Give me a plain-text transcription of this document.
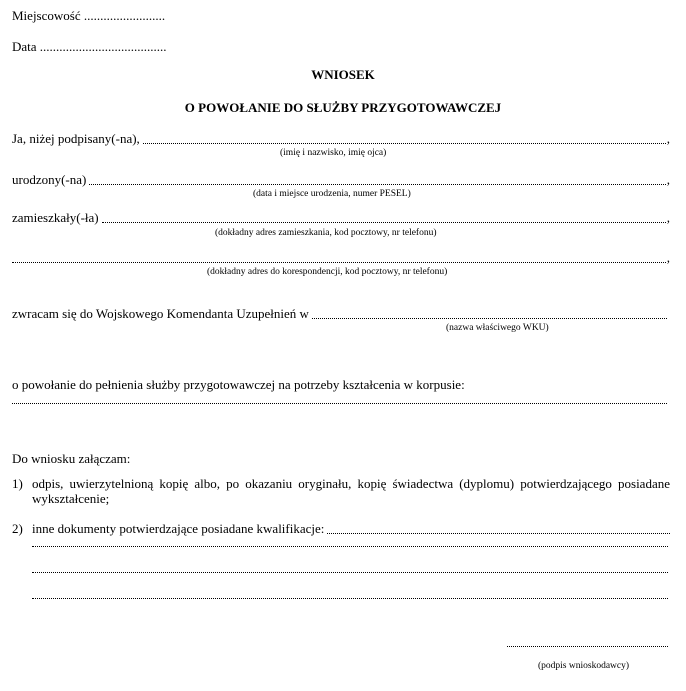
Miejscowość .........................
Data .......................................
WNIOSEK
O POWOŁANIE DO SŁUŻBY PRZYGOTOWAWCZEJ
Ja, niżej podpisany(-na),	,
(imię i nazwisko, imię ojca)
urodzony(-na)	,
(data i miejsce urodzenia, numer PESEL)
zamieszkały(-ła)	,
(dokładny adres zamieszkania, kod pocztowy, nr telefonu)
,
(dokładny adres do korespondencji, kod pocztowy, nr telefonu)
zwracam się do Wojskowego Komendanta Uzupełnień w
(nazwa właściwego WKU)
o powołanie do pełnienia służby przygotowawczej na potrzeby kształcenia w korpusie:
Do wniosku załączam:
1) odpis, uwierzytelnioną kopię albo, po okazaniu oryginału, kopię świadectwa (dyplomu) potwierdzającego posiadane
wykształcenie;
2) inne dokumenty potwierdzające posiadane kwalifikacje:
(podpis wnioskodawcy)
